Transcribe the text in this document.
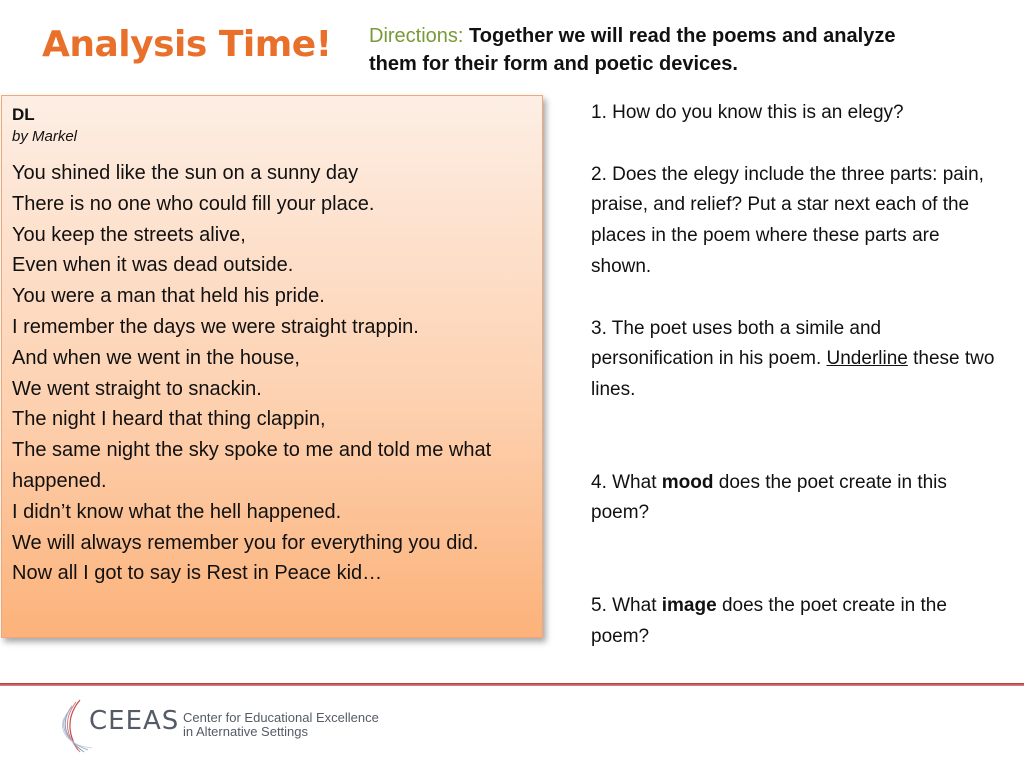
Analysis Time! Directions: Together we will read the poems and analyze them for their form and poetic devices.
DL
by Markel
You shined like the sun on a sunny day
There is no one who could fill your place.
You keep the streets alive,
Even when it was dead outside.
You were a man that held his pride.
I remember the days we were straight trappin.
And when we went in the house,
We went straight to snackin.
The night I heard that thing clappin,
The same night the sky spoke to me and told me what happened.
I didn’t know what the hell happened.
We will always remember you for everything you did.
Now all I got to say is Rest in Peace kid…

1. How do you know this is an elegy?

2. Does the elegy include the three parts: pain, praise, and relief? Put a star next each of the places in the poem where these parts are shown.

3. The poet uses both a simile and personification in his poem. Underline these two lines.

4. What mood does the poet create in this poem?

5. What image does the poet create in the poem?

CEEAS Center for Educational Excellence
in Alternative Settings
